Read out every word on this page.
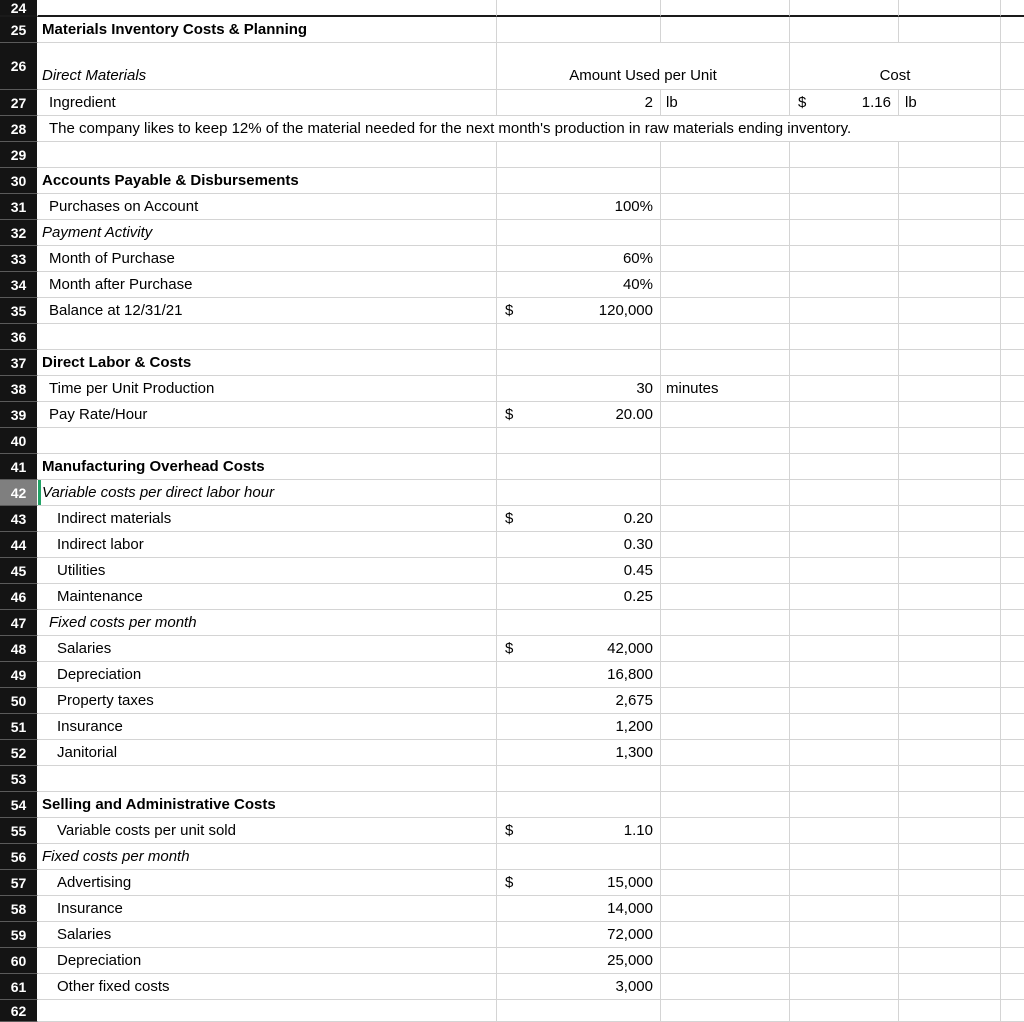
24
25	Materials Inventory Costs & Planning
26
Direct Materials	Amount Used per Unit	Cost
27	Ingredient	2 lb	$	1.16 lb
28	The company likes to keep 12% of the material needed for the next month's production in raw materials ending inventory.
29
30	Accounts Payable & Disbursements
31	Purchases on Account	100%
32	Payment Activity
33	Month of Purchase	60%
34	Month after Purchase	40%
35	Balance at 12/31/21	$	120,000
36
37	Direct Labor & Costs
38	Time per Unit Production	30 minutes
39	Pay Rate/Hour	$	20.00
40
41	Manufacturing Overhead Costs
42	Variable costs per direct labor hour
43	Indirect materials	$	0.20
44	Indirect labor	0.30
45	Utilities	0.45
46	Maintenance	0.25
47	Fixed costs per month
48	Salaries	$	42,000
49	Depreciation	16,800
50	Property taxes	2,675
51	Insurance	1,200
52	Janitorial	1,300
53
54	Selling and Administrative Costs
55	Variable costs per unit sold	$	1.10
56	Fixed costs per month
57	Advertising	$	15,000
58	Insurance	14,000
59	Salaries	72,000
60	Depreciation	25,000
61	Other fixed costs	3,000
62
